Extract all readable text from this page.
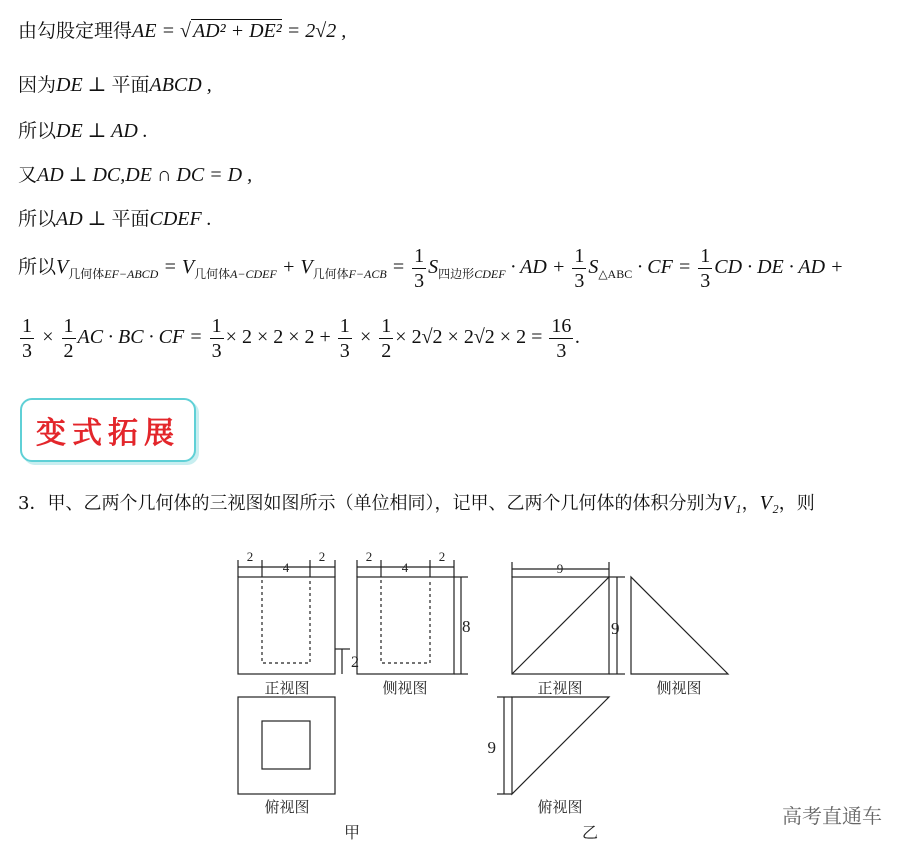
由勾股定理得AE = √ AD² + DE² = 2√2 ,
因为DE ⊥ 平面ABCD ,
所以DE ⊥ AD .
又AD ⊥ DC,DE ∩ DC = D ,
所以AD ⊥ 平面CDEF .
所以$V_{几何体EF-ABCD} = V_{几何体A-CDEF} + V_{几何体F-ACB} = \frac{1}{3} S_{四边形CDEF}$ · AD + $\frac{1}{3} S_{\triangle ABC}$ · CF = $\frac{1}{3}$ CD · DE · AD +
$\frac{1}{3} \times \frac{1}{2}$ AC · BC · CF = $\frac{1}{3} \times 2 \times 2 \times 2 + \frac{1}{3} \times \frac{1}{2} \times 2√2 \times 2√2 \times 2 = \frac{16}{3}$ .
变式拓展
3．甲、乙两个几何体的三视图如图所示（单位相同），记甲、乙两个几何体的体积分别为V₁，V₂，则
2
4
2
2
正视图
2
4
2
8
侧视图
俯视图
甲
9
9
正视图	侧视图
9
俯视图
乙
高考直通车
